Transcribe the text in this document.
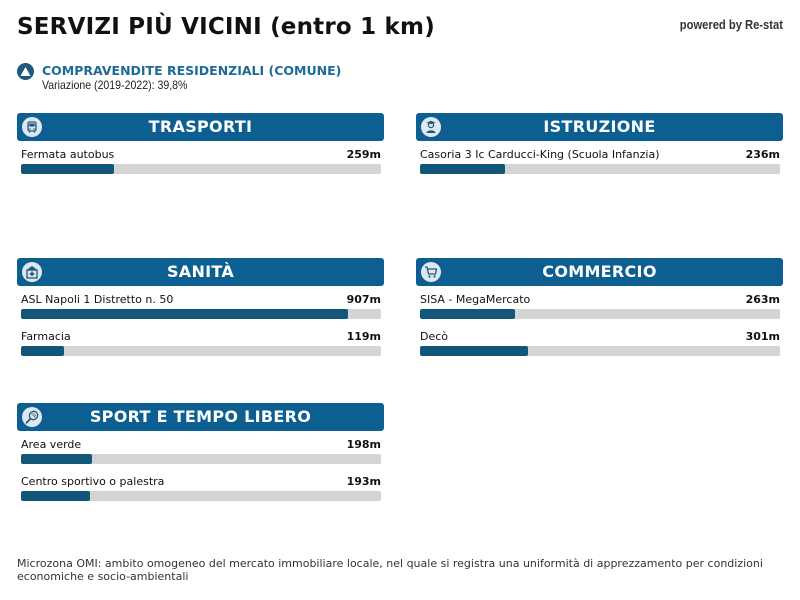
SERVIZI PIÙ VICINI (entro 1 km)	powered by Re-stat
COMPRAVENDITE RESIDENZIALI (COMUNE)
Variazione (2019-2022): 39,8%
TRASPORTI
Fermata autobus	259m
ISTRUZIONE
Casoria 3 Ic Carducci-King (Scuola Infanzia)	236m
SANITÀ
ASL Napoli 1 Distretto n. 50	907m
Farmacia	119m
COMMERCIO
SISA - MegaMercato	263m
Decò	301m
SPORT E TEMPO LIBERO
Area verde	198m
Centro sportivo o palestra	193m
Microzona OMI: ambito omogeneo del mercato immobiliare locale, nel quale si registra una uniformità di apprezzamento per condizioni economiche e socio-ambientali
